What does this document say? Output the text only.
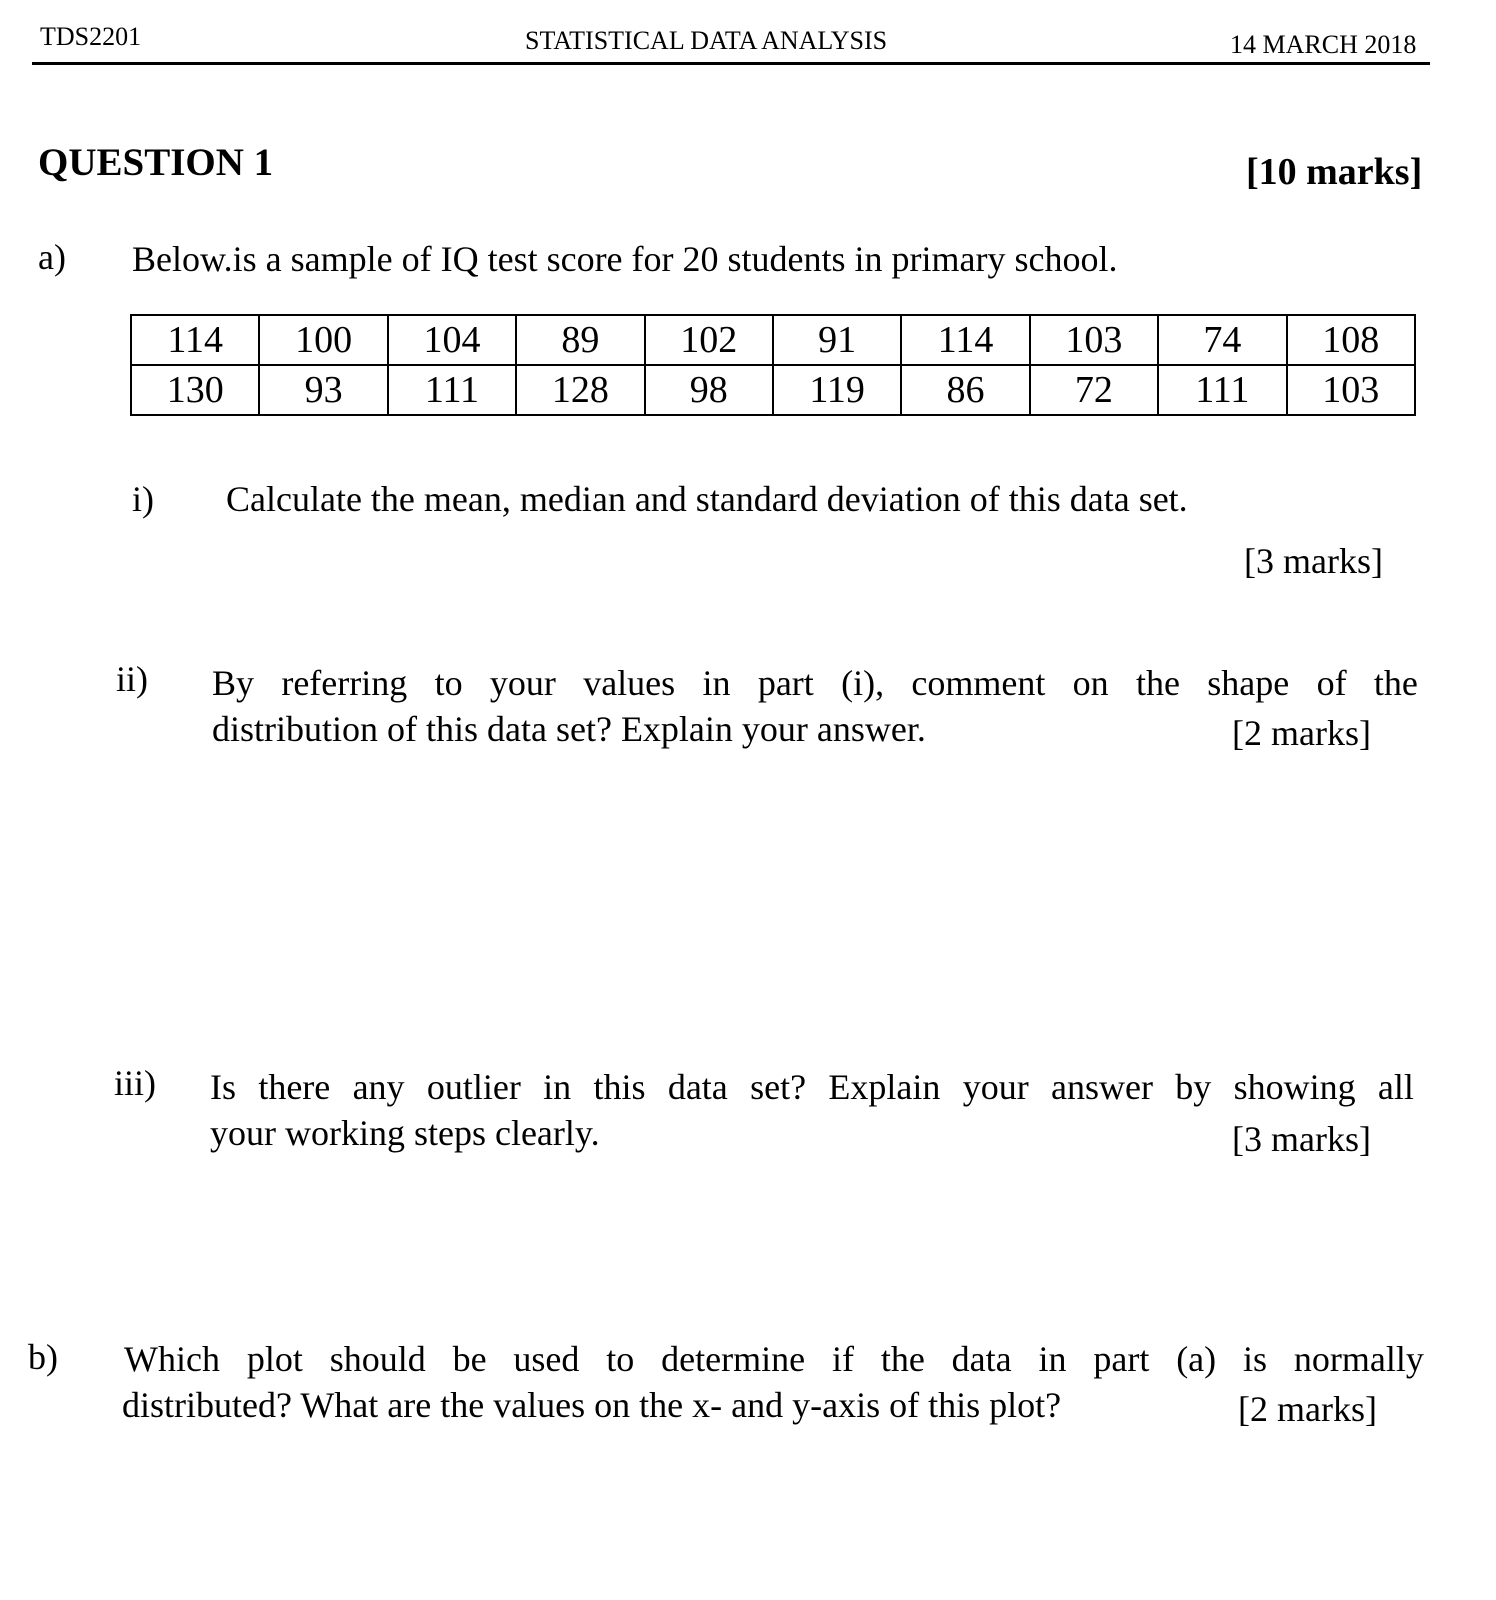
TDS2201	STATISTICAL DATA ANALYSIS	14 MARCH 2018
QUESTION 1	[10 marks]
a) Below.is a sample of IQ test score for 20 students in primary school.
114	100	104	89	102	91	114	103	74	108
130	93	111	128	98	119	86	72	111	103
i) Calculate the mean, median and standard deviation of this data set.
[3 marks]
ii) By referring to your values in part (i), comment on the shape of the
distribution of this data set? Explain your answer.	[2 marks]
iii) Is there any outlier in this data set? Explain your answer by showing all
your working steps clearly.	[3 marks]
b) Which plot should be used to determine if the data in part (a) is normally
distributed? What are the values on the x- and y-axis of this plot?	[2 marks]
